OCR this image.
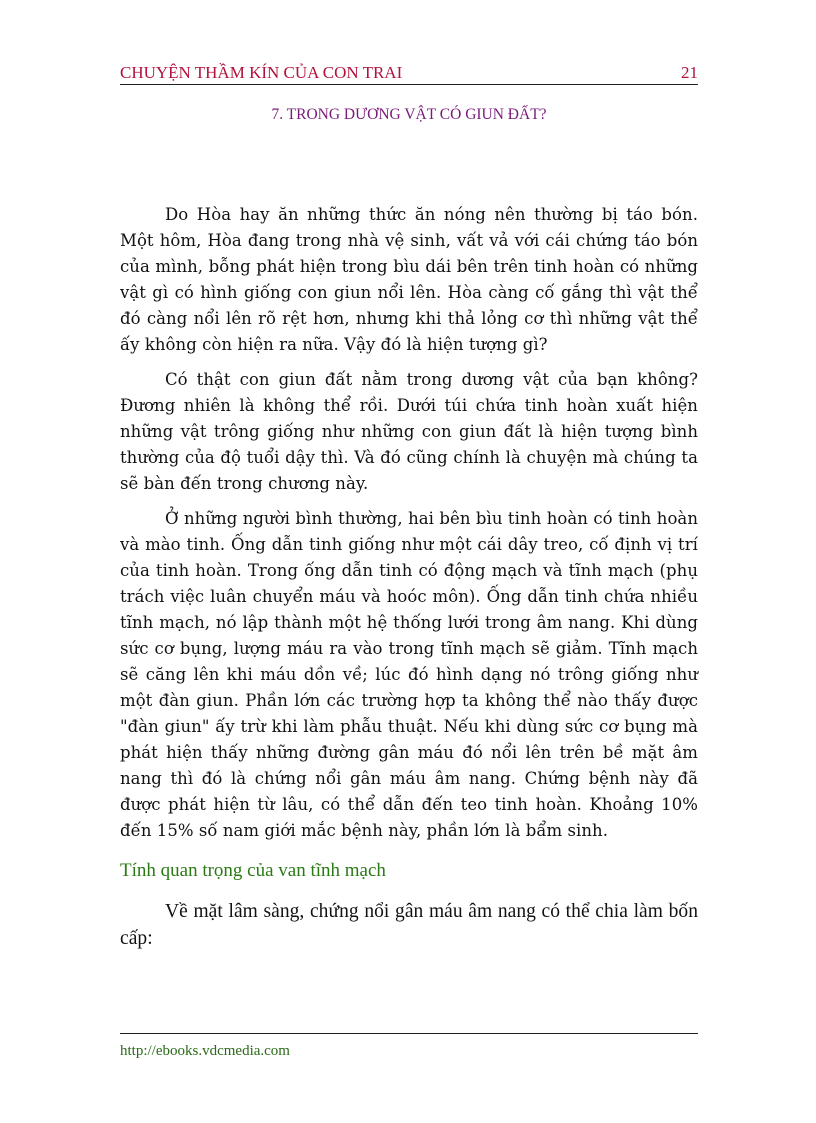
CHUYỆN THẦM KÍN CỦA CON TRAI	21
7. TRONG DƯƠNG VẬT CÓ GIUN ĐẤT?

Do Hòa hay ăn những thức ăn nóng nên thường bị táo bón. Một hôm, Hòa đang trong nhà vệ sinh, vất vả với cái chứng táo bón của mình, bỗng phát hiện trong bìu dái bên trên tinh hoàn có những vật gì có hình giống con giun nổi lên. Hòa càng cố gắng thì vật thể đó càng nổi lên rõ rệt hơn, nhưng khi thả lỏng cơ thì những vật thể ấy không còn hiện ra nữa. Vậy đó là hiện tượng gì?

Có thật con giun đất nằm trong dương vật của bạn không? Đương nhiên là không thể rồi. Dưới túi chứa tinh hoàn xuất hiện những vật trông giống như những con giun đất là hiện tượng bình thường của độ tuổi dậy thì. Và đó cũng chính là chuyện mà chúng ta sẽ bàn đến trong chương này.

Ở những người bình thường, hai bên bìu tinh hoàn có tinh hoàn và mào tinh. Ống dẫn tinh giống như một cái dây treo, cố định vị trí của tinh hoàn. Trong ống dẫn tinh có động mạch và tĩnh mạch (phụ trách việc luân chuyển máu và hoóc môn). Ống dẫn tinh chứa nhiều tĩnh mạch, nó lập thành một hệ thống lưới trong âm nang. Khi dùng sức cơ bụng, lượng máu ra vào trong tĩnh mạch sẽ giảm. Tĩnh mạch sẽ căng lên khi máu dồn về; lúc đó hình dạng nó trông giống như một đàn giun. Phần lớn các trường hợp ta không thể nào thấy được "đàn giun" ấy trừ khi làm phẫu thuật. Nếu khi dùng sức cơ bụng mà phát hiện thấy những đường gân máu đó nổi lên trên bề mặt âm nang thì đó là chứng nổi gân máu âm nang. Chứng bệnh này đã được phát hiện từ lâu, có thể dẫn đến teo tinh hoàn. Khoảng 10% đến 15% số nam giới mắc bệnh này, phần lớn là bẩm sinh.

Tính quan trọng của van tĩnh mạch

Về mặt lâm sàng, chứng nổi gân máu âm nang có thể chia làm bốn cấp:

http://ebooks.vdcmedia.com
